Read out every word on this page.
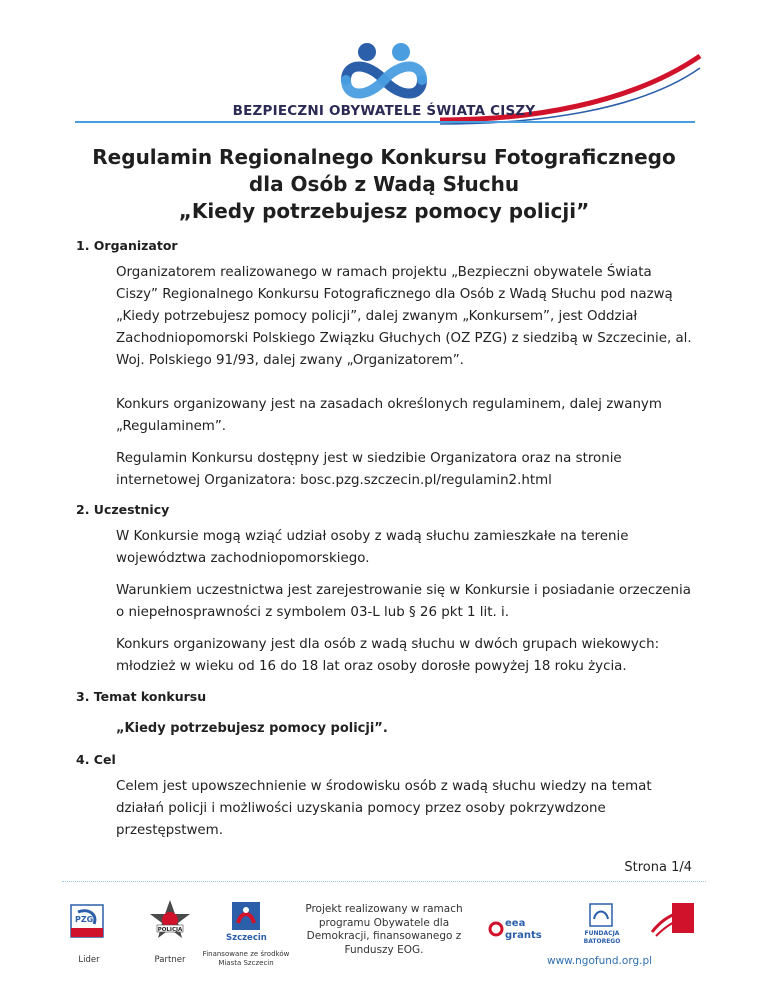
BEZPIECZNI OBYWATELE ŚWIATA CISZY
Regulamin Regionalnego Konkursu Fotograficznego
dla Osób z Wadą Słuchu
„Kiedy potrzebujesz pomocy policji”
1. Organizator
Organizatorem realizowanego w ramach projektu „Bezpieczni obywatele Świata Ciszy” Regionalnego Konkursu Fotograficznego dla Osób z Wadą Słuchu pod nazwą „Kiedy potrzebujesz pomocy policji”, dalej zwanym „Konkursem”, jest Oddział Zachodniopomorski Polskiego Związku Głuchych (OZ PZG) z siedzibą w Szczecinie, al. Woj. Polskiego 91/93, dalej zwany „Organizatorem”.
Konkurs organizowany jest na zasadach określonych regulaminem, dalej zwanym „Regulaminem”.
Regulamin Konkursu dostępny jest w siedzibie Organizatora oraz na stronie internetowej Organizatora: bosc.pzg.szczecin.pl/regulamin2.html
2. Uczestnicy
W Konkursie mogą wziąć udział osoby z wadą słuchu zamieszkałe na terenie województwa zachodniopomorskiego.
Warunkiem uczestnictwa jest zarejestrowanie się w Konkursie i posiadanie orzeczenia o niepełnosprawności z symbolem 03-L lub § 26 pkt 1 lit. i.
Konkurs organizowany jest dla osób z wadą słuchu w dwóch grupach wiekowych: młodzież w wieku od 16 do 18 lat oraz osoby dorosłe powyżej 18 roku życia.
3. Temat konkursu
„Kiedy potrzebujesz pomocy policji”.
4. Cel
Celem jest upowszechnienie w środowisku osób z wadą słuchu wiedzy na temat działań policji i możliwości uzyskania pomocy przez osoby pokrzywdzone przestępstwem.
Strona 1/4
PZG
Lider
POLICJA
Partner
Szczecin
Finansowane ze środków Miasta Szczecin
Projekt realizowany w ramach programu Obywatele dla Demokracji, finansowanego z Funduszy EOG.
eea
grants	FUNDACJA
BATOREGO
www.ngofund.org.pl
